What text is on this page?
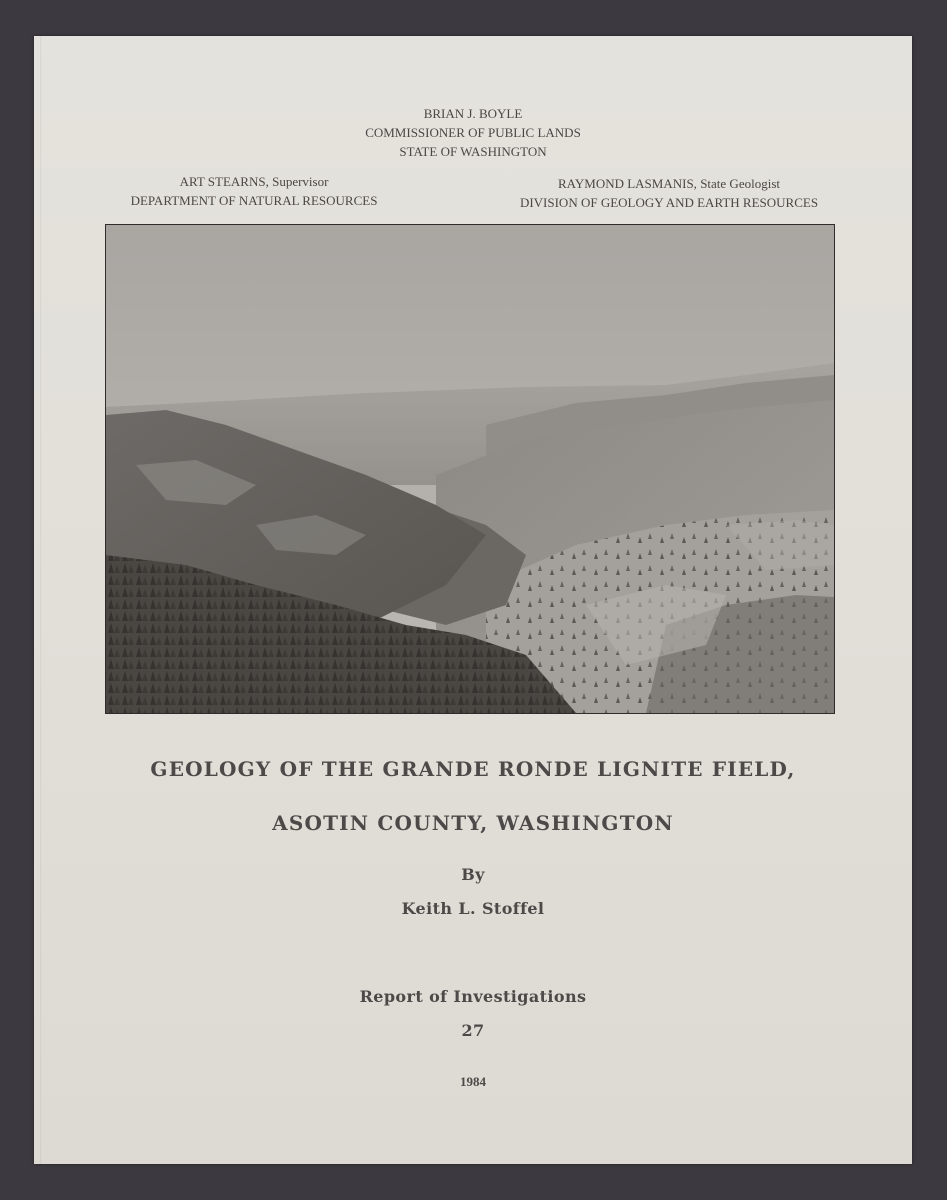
BRIAN J. BOYLE
COMMISSIONER OF PUBLIC LANDS
STATE OF WASHINGTON
ART STEARNS, Supervisor
DEPARTMENT OF NATURAL RESOURCES
RAYMOND LASMANIS, State Geologist
DIVISION OF GEOLOGY AND EARTH RESOURCES
GEOLOGY OF THE GRANDE RONDE LIGNITE FIELD,
ASOTIN COUNTY, WASHINGTON
By
Keith L. Stoffel
Report of Investigations
27
1984
